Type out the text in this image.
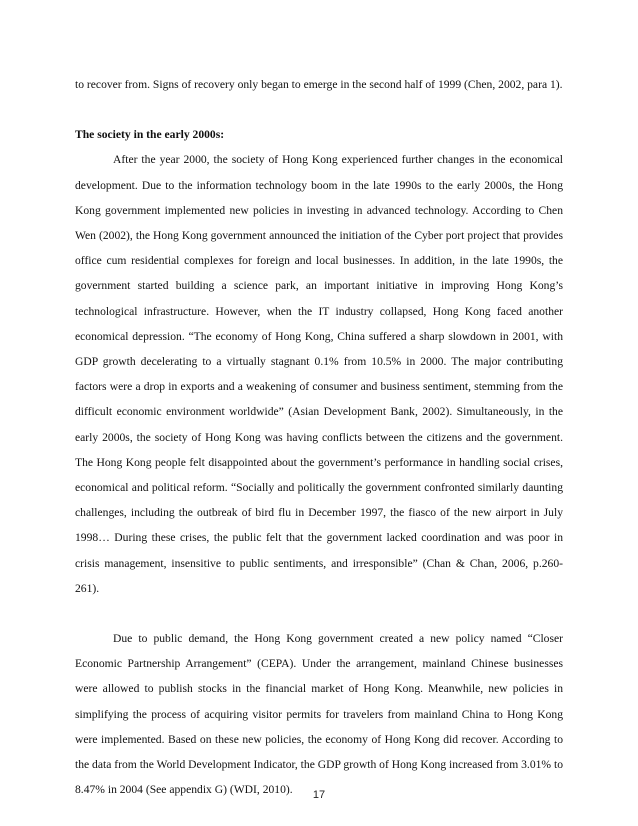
to recover from. Signs of recovery only began to emerge in the second half of 1999 (Chen, 2002, para 1).

The society in the early 2000s:

After the year 2000, the society of Hong Kong experienced further changes in the economical development. Due to the information technology boom in the late 1990s to the early 2000s, the Hong Kong government implemented new policies in investing in advanced technology. According to Chen Wen (2002), the Hong Kong government announced the initiation of the Cyber port project that provides office cum residential complexes for foreign and local businesses. In addition, in the late 1990s, the government started building a science park, an important initiative in improving Hong Kong’s technological infrastructure. However, when the IT industry collapsed, Hong Kong faced another economical depression. “The economy of Hong Kong, China suffered a sharp slowdown in 2001, with GDP growth decelerating to a virtually stagnant 0.1% from 10.5% in 2000. The major contributing factors were a drop in exports and a weakening of consumer and business sentiment, stemming from the difficult economic environment worldwide” (Asian Development Bank, 2002). Simultaneously, in the early 2000s, the society of Hong Kong was having conflicts between the citizens and the government. The Hong Kong people felt disappointed about the government’s performance in handling social crises, economical and political reform. “Socially and politically the government confronted similarly daunting challenges, including the outbreak of bird flu in December 1997, the fiasco of the new airport in July 1998… During these crises, the public felt that the government lacked coordination and was poor in crisis management, insensitive to public sentiments, and irresponsible” (Chan & Chan, 2006, p.260-261).

Due to public demand, the Hong Kong government created a new policy named “Closer Economic Partnership Arrangement” (CEPA). Under the arrangement, mainland Chinese businesses were allowed to publish stocks in the financial market of Hong Kong. Meanwhile, new policies in simplifying the process of acquiring visitor permits for travelers from mainland China to Hong Kong were implemented. Based on these new policies, the economy of Hong Kong did recover. According to the data from the World Development Indicator, the GDP growth of Hong Kong increased from 3.01% to 8.47% in 2004 (See appendix G) (WDI, 2010).	17
